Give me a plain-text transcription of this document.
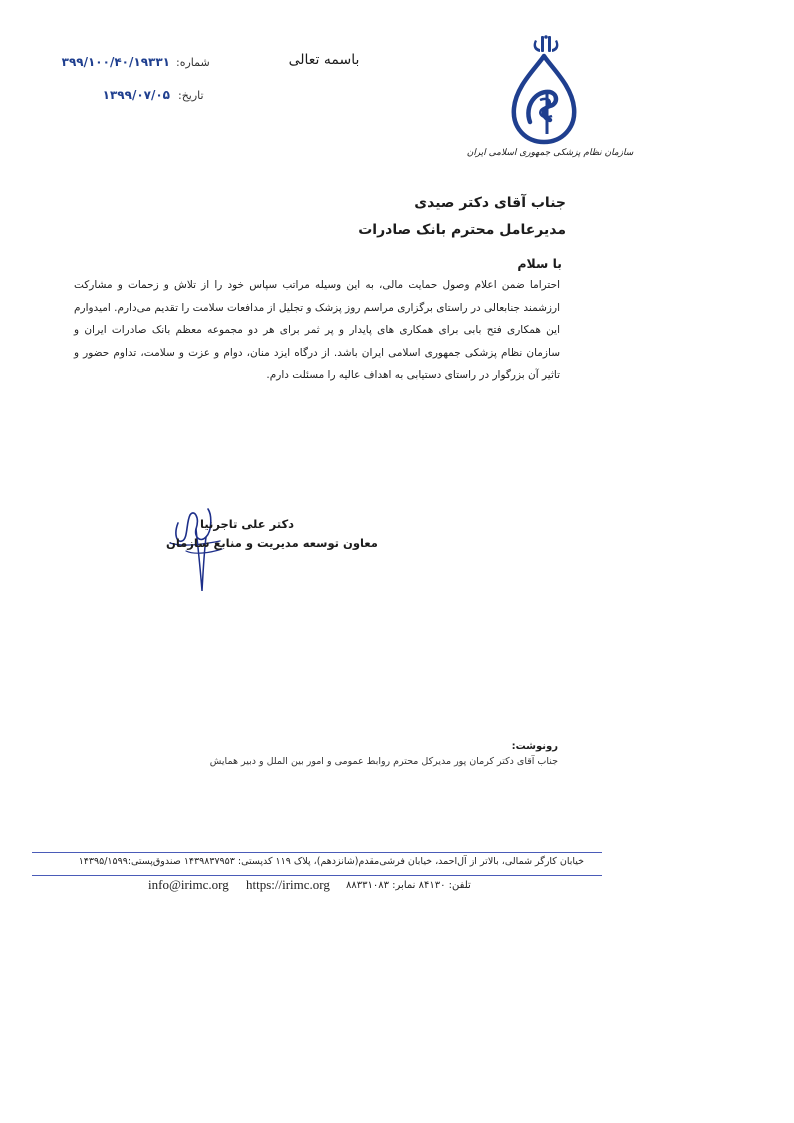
سازمان نظام پزشکی جمهوری اسلامی ایران
باسمه تعالی
شماره:
۳۹۹/۱۰۰/۴۰/۱۹۳۳۱
تاریخ:
۱۳۹۹/۰۷/۰۵
جناب آقای دکتر صیدی
مدیرعامل محترم بانک صادرات
با سلام
احتراما ضمن اعلام وصول حمایت مالی، به این وسیله مراتب سپاس خود را از تلاش و زحمات و مشارکت ارزشمند جنابعالی در راستای برگزاری مراسم روز پزشک و تجلیل از مدافعات سلامت را تقدیم می‌دارم. امیدوارم این همکاری فتح بابی برای همکاری های پایدار و پر ثمر برای هر دو مجموعه معظم بانک صادرات ایران و سازمان نظام پزشکی جمهوری اسلامی ایران باشد. از درگاه ایزد منان، دوام و عزت و سلامت، تداوم حضور و تاثیر آن بزرگوار در راستای دستیابی به اهداف عالیه را مسئلت دارم.
دکتر علی تاجرنیا
معاون توسعه مدیریت و منابع سازمان
رونوشت:
جناب آقای دکتر کرمان پور مدیرکل محترم روابط عمومی و امور بین الملل و دبیر همایش
خیابان کارگر شمالی، بالاتر از آل‌احمد، خیابان فرشی‌مقدم(شانزدهم)، پلاک ۱۱۹ کدپستی: ۱۴۳۹۸۳۷۹۵۳ صندوق‌پستی:۱۴۳۹۵/۱۵۹۹
تلفن: ۸۴۱۳۰ نمابر: ۸۸۳۳۱۰۸۳
https://irimc.org
info@irimc.org
